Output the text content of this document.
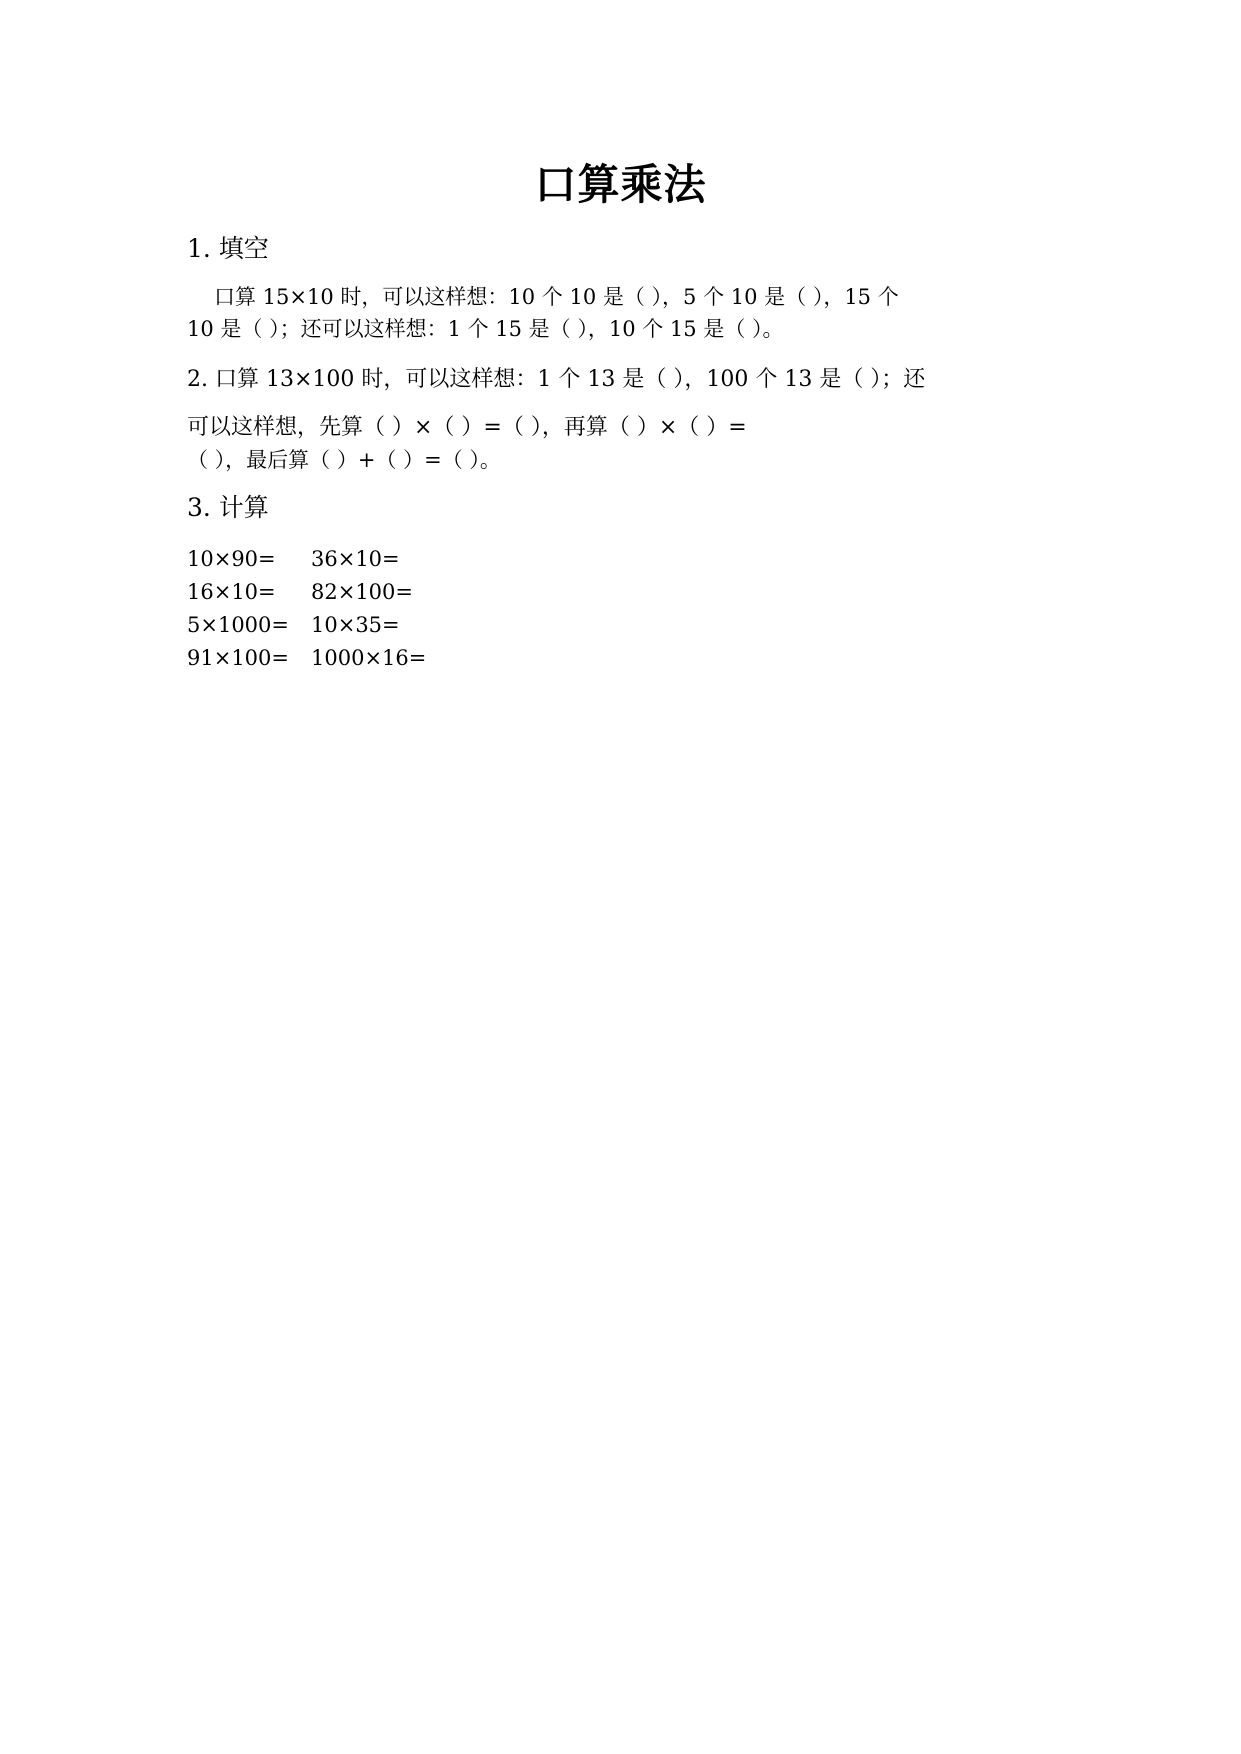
口算乘法
1. 填空
口算 15×10 时，可以这样想：10 个 10 是（ ），5 个 10 是（ ），15 个
10 是（ ）；还可以这样想：1 个 15 是（ ），10 个 15 是（ ）。
2. 口算 13×100 时，可以这样想：1 个 13 是（ ），100 个 13 是（ ）；还
可以这样想，先算（ ）×（ ）=（ ），再算（ ）×（ ）=
（ ），最后算（ ）+（ ）=（ ）。
3. 计算
10×90=	36×10=
16×10=	82×100=
5×1000=	10×35=
91×100=	1000×16=
